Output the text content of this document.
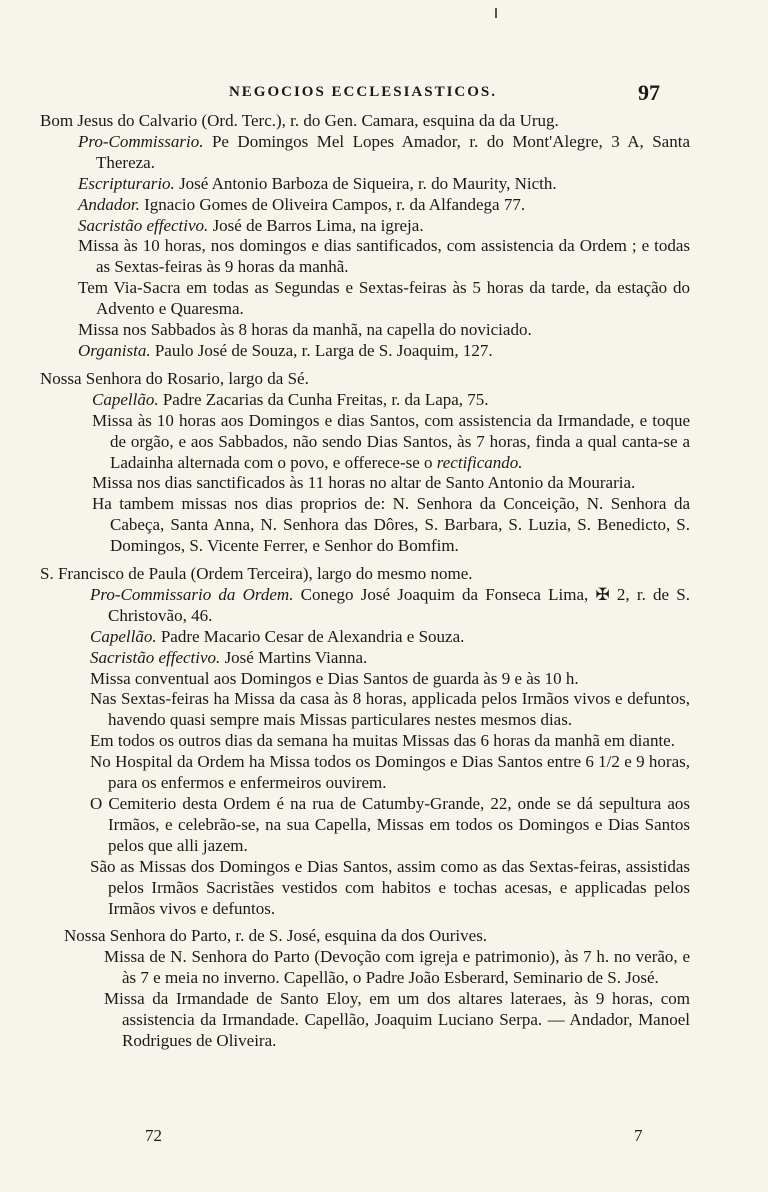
NEGOCIOS ECCLESIASTICOS.	97
Bom Jesus do Calvario (Ord. Terc.), r. do Gen. Camara, esquina da da Urug.
Pro-Commissario. Pe Domingos Mel Lopes Amador, r. do Mont'Alegre, 3 A, Santa Thereza.
Escripturario. José Antonio Barboza de Siqueira, r. do Maurity, Nicth.
Andador. Ignacio Gomes de Oliveira Campos, r. da Alfandega 77.
Sacristão effectivo. José de Barros Lima, na igreja.
Missa às 10 horas, nos domingos e dias santificados, com assistencia da Ordem ; e todas as Sextas-feiras às 9 horas da manhã.
Tem Via-Sacra em todas as Segundas e Sextas-feiras às 5 horas da tarde, da estação do Advento e Quaresma.
Missa nos Sabbados às 8 horas da manhã, na capella do noviciado.
Organista. Paulo José de Souza, r. Larga de S. Joaquim, 127.
Nossa Senhora do Rosario, largo da Sé.
Capellão. Padre Zacarias da Cunha Freitas, r. da Lapa, 75.
Missa às 10 horas aos Domingos e dias Santos, com assistencia da Irmandade, e toque de orgão, e aos Sabbados, não sendo Dias Santos, às 7 horas, finda a qual canta-se a Ladainha alternada com o povo, e offerece-se o rectificando.
Missa nos dias sanctificados às 11 horas no altar de Santo Antonio da Mouraria.
Ha tambem missas nos dias proprios de: N. Senhora da Conceição, N. Senhora da Cabeça, Santa Anna, N. Senhora das Dôres, S. Barbara, S. Luzia, S. Benedicto, S. Domingos, S. Vicente Ferrer, e Senhor do Bomfim.
S. Francisco de Paula (Ordem Terceira), largo do mesmo nome.
Pro-Commissario da Ordem. Conego José Joaquim da Fonseca Lima, ✠ 2, r. de S. Christovão, 46.
Capellão. Padre Macario Cesar de Alexandria e Souza.
Sacristão effectivo. José Martins Vianna.
Missa conventual aos Domingos e Dias Santos de guarda às 9 e às 10 h.
Nas Sextas-feiras ha Missa da casa às 8 horas, applicada pelos Irmãos vivos e defuntos, havendo quasi sempre mais Missas particulares nestes mesmos dias.
Em todos os outros dias da semana ha muitas Missas das 6 horas da manhã em diante.
No Hospital da Ordem ha Missa todos os Domingos e Dias Santos entre 6 1/2 e 9 horas, para os enfermos e enfermeiros ouvirem.
O Cemiterio desta Ordem é na rua de Catumby-Grande, 22, onde se dá sepultura aos Irmãos, e celebrão-se, na sua Capella, Missas em todos os Domingos e Dias Santos pelos que alli jazem.
São as Missas dos Domingos e Dias Santos, assim como as das Sextas-feiras, assistidas pelos Irmãos Sacristães vestidos com habitos e tochas acesas, e applicadas pelos Irmãos vivos e defuntos.
Nossa Senhora do Parto, r. de S. José, esquina da dos Ourives.
Missa de N. Senhora do Parto (Devoção com igreja e patrimonio), às 7 h. no verão, e às 7 e meia no inverno. Capellão, o Padre João Esberard, Seminario de S. José.
Missa da Irmandade de Santo Eloy, em um dos altares lateraes, às 9 horas, com assistencia da Irmandade. Capellão, Joaquim Luciano Serpa. — Andador, Manoel Rodrigues de Oliveira.
72	7
